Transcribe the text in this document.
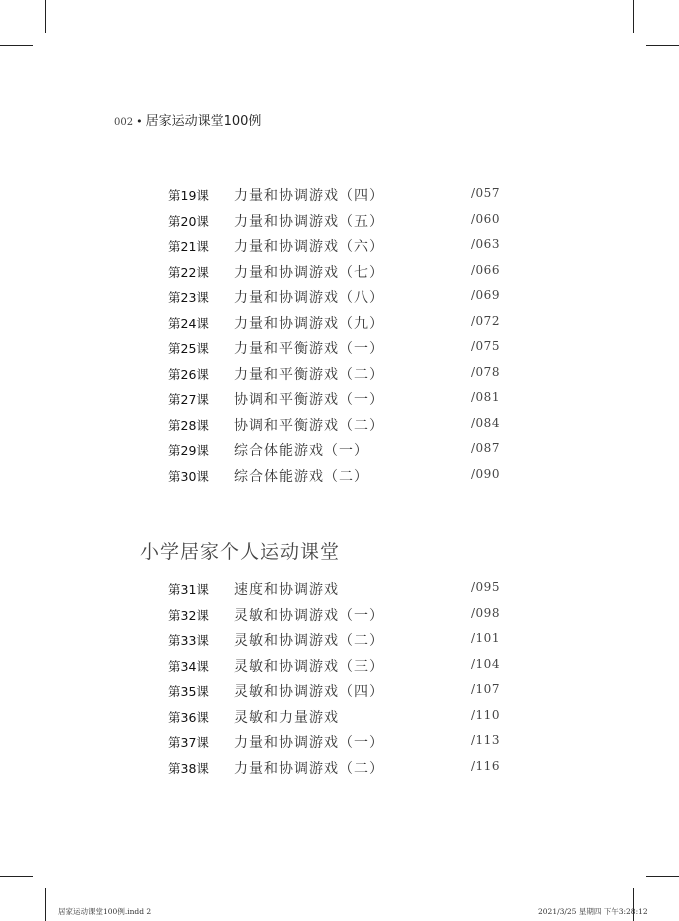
002 • 居家运动课堂100例
第19课 力量和协调游戏（四）	/057
第20课 力量和协调游戏（五）	/060
第21课 力量和协调游戏（六）	/063
第22课 力量和协调游戏（七）	/066
第23课 力量和协调游戏（八）	/069
第24课 力量和协调游戏（九）	/072
第25课 力量和平衡游戏（一）	/075
第26课 力量和平衡游戏（二）	/078
第27课 协调和平衡游戏（一）	/081
第28课 协调和平衡游戏（二）	/084
第29课 综合体能游戏（一）	/087
第30课 综合体能游戏（二）	/090
小学居家个人运动课堂
第31课 速度和协调游戏	/095
第32课 灵敏和协调游戏（一）	/098
第33课 灵敏和协调游戏（二）	/101
第34课 灵敏和协调游戏（三）	/104
第35课 灵敏和协调游戏（四）	/107
第36课 灵敏和力量游戏	/110
第37课 力量和协调游戏（一）	/113
第38课 力量和协调游戏（二）	/116
居家运动课堂100例.indd 2	2021/3/25 星期四 下午3:28:12
